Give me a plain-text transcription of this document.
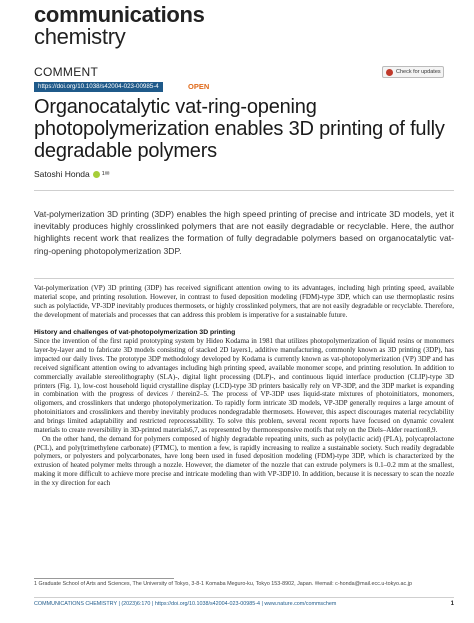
communications
chemistry
COMMENT	Check for updates
https://doi.org/10.1038/s42004-023-00985-4	OPEN
Organocatalytic vat-ring-opening photopolymerization enables 3D printing of fully degradable polymers
Satoshi Honda 1✉
Vat-polymerization 3D printing (3DP) enables the high speed printing of precise and intricate 3D models, yet it inevitably produces highly crosslinked polymers that are not easily degradable or recyclable. Here, the author highlights recent work that realizes the formation of fully degradable polymers based on organocatalytic vat-ring-opening photopolymerization 3DP.

Vat-polymerization (VP) 3D printing (3DP) has received significant attention owing to its advantages, including high printing speed, available material scope, and printing resolution. However, in contrast to fused deposition modeling (FDM)-type 3DP, which can use thermoplastic resins such as polylactide, VP-3DP inevitably produces thermosets, or highly crosslinked polymers, that are not easily degradable or recyclable. Therefore, the development of materials and processes that can address this problem is imperative for a sustainable future.

History and challenges of vat-photopolymerization 3D printing

Since the invention of the first rapid prototyping system by Hideo Kodama in 1981 that utilizes photopolymerization of liquid resins or monomers layer-by-layer and to fabricate 3D models consisting of stacked 2D layers1, additive manufacturing, commonly known as 3D printing (3DP), has impacted our daily lives. The prototype 3DP methodology developed by Kodama is currently known as vat-photopolymerization (VP) 3DP and has received significant attention owing to advantages including high printing speed, available monomer scope, and printing resolution. In addition to commercially available stereolithography (SLA)-, digital light processing (DLP)-, and continuous liquid interface production (CLIP)-type 3D printers (Fig. 1), low-cost household liquid crystalline display (LCD)-type 3D printers basically rely on VP-3DP, and the 3DP market is expanding in combination with the progress of devices / therein2–5. The process of VP-3DP uses liquid-state mixtures of photoinitiators, monomers, oligomers, and crosslinkers that undergo photopolymerization. To rapidly form intricate 3D models, VP-3DP generally requires a large amount of photoinitiators and crosslinkers and thereby inevitably produces nondegradable thermosets. However, this aspect discourages material recyclability and brings limited adaptability and restricted reprocessability. To solve this problem, several recent reports have focused on dynamic covalent materials to create reversibility in 3D-printed materials6,7, as represented by thermoresponsive motifs that rely on the Diels–Alder reaction8,9.

On the other hand, the demand for polymers composed of highly degradable repeating units, such as poly(lactic acid) (PLA), polycaprolactone (PCL), and poly(trimethylene carbonate) (PTMC), to mention a few, is rapidly increasing to realize a sustainable society. Such readily degradable polymers, or polyesters and polycarbonates, have long been used in fused deposition modeling (FDM)-type 3DP, which is characterized by the extrusion of heated polymer melts through a nozzle. However, the diameter of the nozzle that can extrude polymers is 0.1–0.2 mm at the smallest, making it more difficult to achieve more precise and intricate modeling than with VP-3DP10. In addition, because it is necessary to scan the nozzle in the xy direction for each

1 Graduate School of Arts and Sciences, The University of Tokyo, 3-8-1 Komaba Meguro-ku, Tokyo 153-8902, Japan. ✉email: c-honda@mail.ecc.u-tokyo.ac.jp
COMMUNICATIONS CHEMISTRY | (2023)6:170 | https://doi.org/10.1038/s42004-023-00985-4 | www.nature.com/commschem	1
